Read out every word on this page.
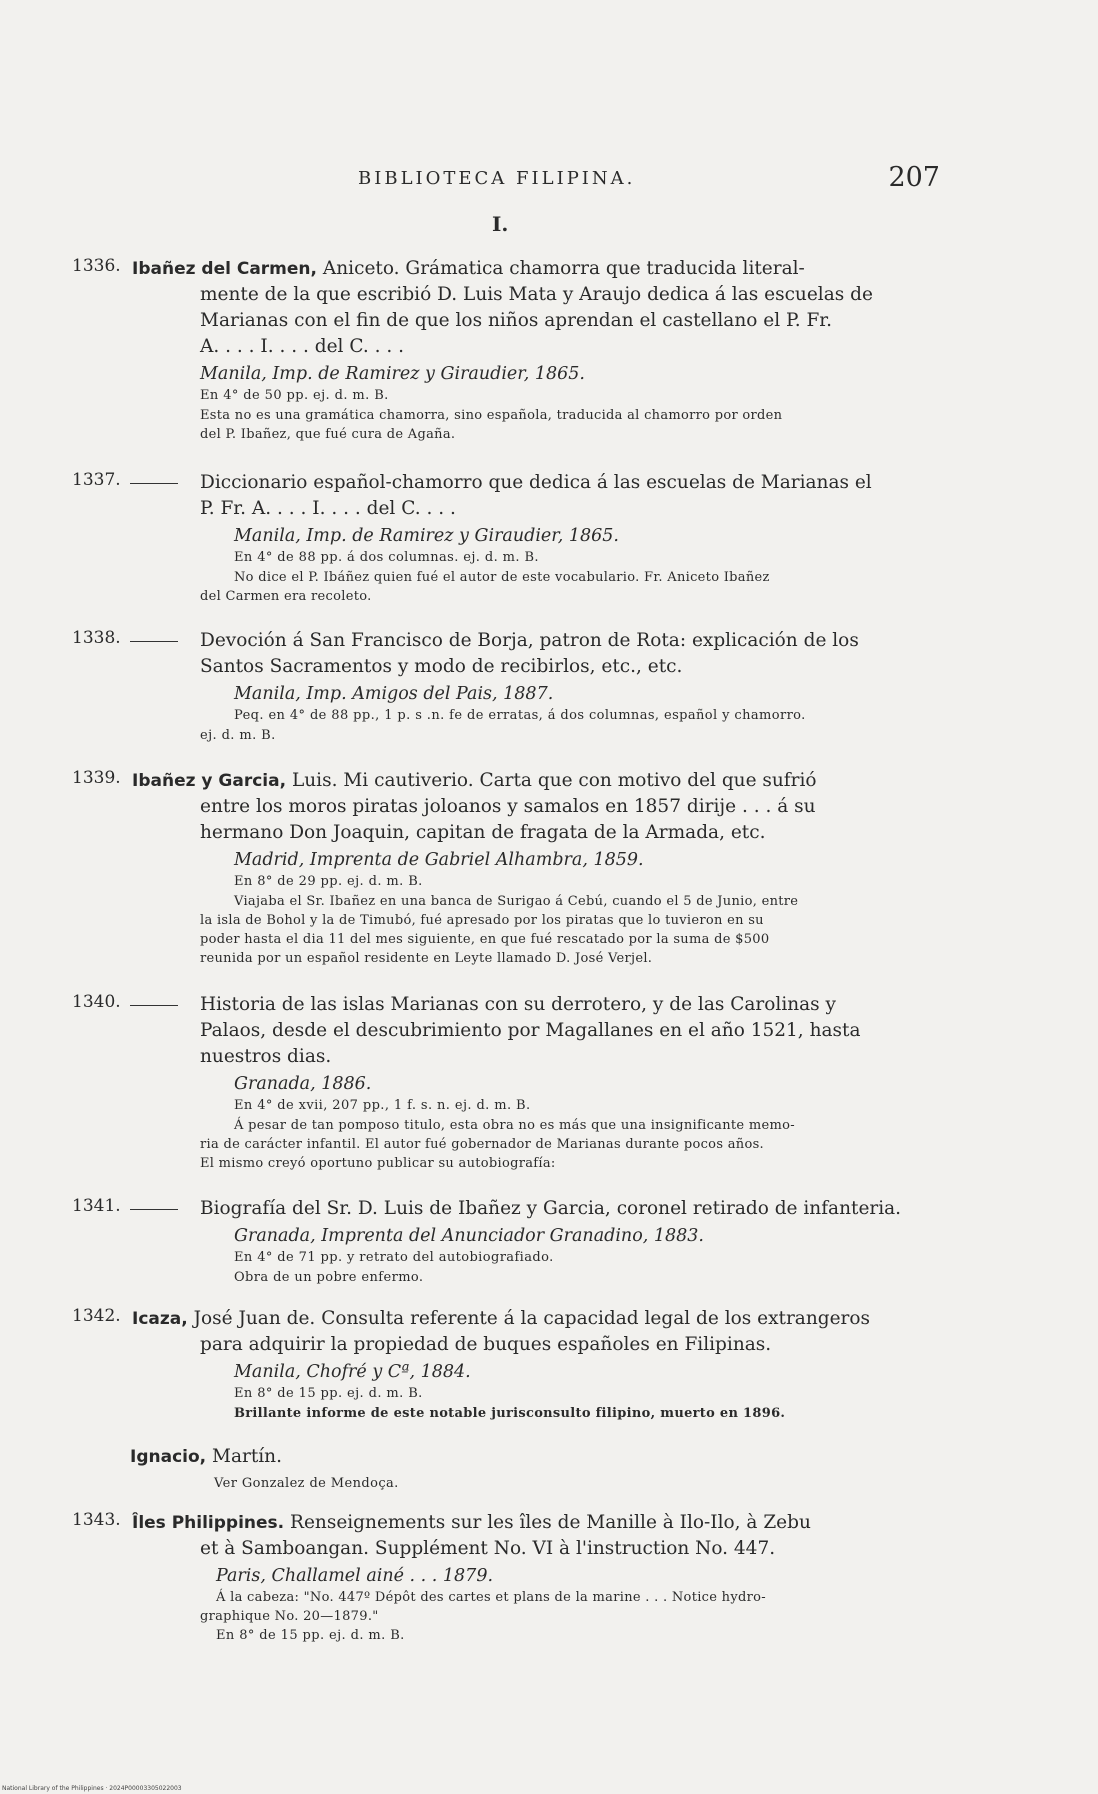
BIBLIOTECA FILIPINA.	207
I.
1336. Ibañez del Carmen, Aniceto. Grámatica chamorra que traducida literal-
mente de la que escribió D. Luis Mata y Araujo dedica á las escuelas de
Marianas con el fin de que los niños aprendan el castellano el P. Fr.
A. . . . I. . . . del C. . . .
Manila, Imp. de Ramirez y Giraudier, 1865.
En 4° de 50 pp. ej. d. m. B.
Esta no es una gramática chamorra, sino española, traducida al chamorro por orden
del P. Ibañez, que fué cura de Agaña.
1337.	Diccionario español-chamorro que dedica á las escuelas de Marianas el
P. Fr. A. . . . I. . . . del C. . . .
Manila, Imp. de Ramirez y Giraudier, 1865.
En 4° de 88 pp. á dos columnas. ej. d. m. B.
No dice el P. Ibáñez quien fué el autor de este vocabulario. Fr. Aniceto Ibañez
del Carmen era recoleto.
1338.	Devoción á San Francisco de Borja, patron de Rota: explicación de los
Santos Sacramentos y modo de recibirlos, etc., etc.
Manila, Imp. Amigos del Pais, 1887.
Peq. en 4° de 88 pp., 1 p. s .n. fe de erratas, á dos columnas, español y chamorro.
ej. d. m. B.
1339. Ibañez y Garcia, Luis. Mi cautiverio. Carta que con motivo del que sufrió
entre los moros piratas joloanos y samalos en 1857 dirije . . . á su
hermano Don Joaquin, capitan de fragata de la Armada, etc.
Madrid, Imprenta de Gabriel Alhambra, 1859.
En 8° de 29 pp. ej. d. m. B.
Viajaba el Sr. Ibañez en una banca de Surigao á Cebú, cuando el 5 de Junio, entre
la isla de Bohol y la de Timubó, fué apresado por los piratas que lo tuvieron en su
poder hasta el dia 11 del mes siguiente, en que fué rescatado por la suma de $500
reunida por un español residente en Leyte llamado D. José Verjel.
1340.	Historia de las islas Marianas con su derrotero, y de las Carolinas y
Palaos, desde el descubrimiento por Magallanes en el año 1521, hasta
nuestros dias.
Granada, 1886.
En 4° de xvii, 207 pp., 1 f. s. n. ej. d. m. B.
Á pesar de tan pomposo titulo, esta obra no es más que una insignificante memo-
ria de carácter infantil. El autor fué gobernador de Marianas durante pocos años.
El mismo creyó oportuno publicar su autobiografía:
1341.	Biografía del Sr. D. Luis de Ibañez y Garcia, coronel retirado de infanteria.
Granada, Imprenta del Anunciador Granadino, 1883.
En 4° de 71 pp. y retrato del autobiografiado.
Obra de un pobre enfermo.
1342. Icaza, José Juan de. Consulta referente á la capacidad legal de los extrangeros
para adquirir la propiedad de buques españoles en Filipinas.
Manila, Chofré y Cª, 1884.
En 8° de 15 pp. ej. d. m. B.
Brillante informe de este notable jurisconsulto filipino, muerto en 1896.
Ignacio, Martín.
Ver Gonzalez de Mendoça.
1343. Îles Philippines. Renseignements sur les îles de Manille à Ilo-Ilo, à Zebu
et à Samboangan. Supplément No. VI à l'instruction No. 447.
Paris, Challamel ainé . . . 1879.
Á la cabeza: "No. 447º Dépôt des cartes et plans de la marine . . . Notice hydro-
graphique No. 20—1879."
En 8° de 15 pp. ej. d. m. B.
National Library of the Philippines · 2024P00003305022003
